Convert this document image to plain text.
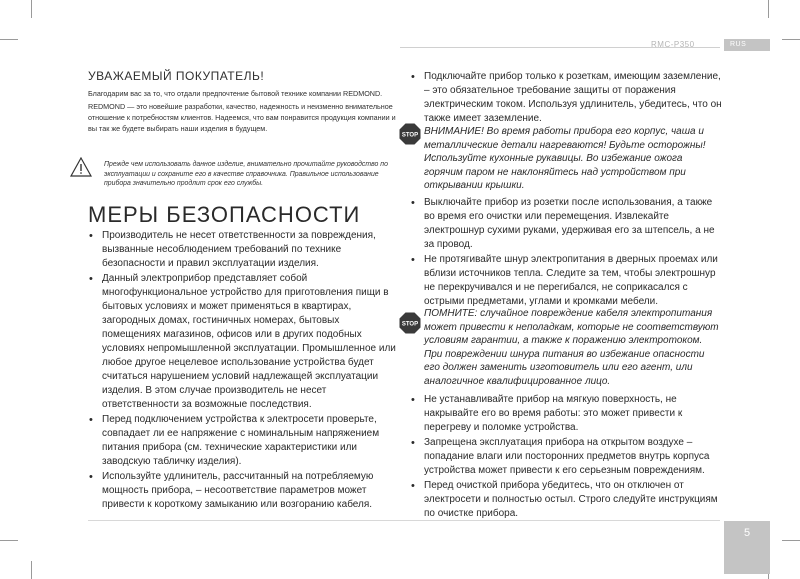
RMC-P350	RUS
УВАЖАЕМЫЙ ПОКУПАТЕЛЬ!
Благодарим вас за то, что отдали предпочтение бытовой технике компании REDMOND.
REDMOND — это новейшие разработки, качество, надежность и неизменно внимательное отношение к потребностям клиентов. Надеемся, что вам понравится продукция компании и вы так же будете выбирать наши изделия в будущем.
Прежде чем использовать данное изделие, внимательно прочитайте руководство по эксплуатации и сохраните его в качестве справочника. Правильное использование прибора значительно продлит срок его службы.
МЕРЫ БЕЗОПАСНОСТИ
• Производитель не несет ответственности за повреждения, вызванные несоблюдением требований по технике безопасности и правил эксплуатации изделия.
• Данный электроприбор представляет собой многофункциональное устройство для приготовления пищи в бытовых условиях и может применяться в квартирах, загородных домах, гостиничных номерах, бытовых помещениях магазинов, офисов или в других подобных условиях непромышленной эксплуатации. Промышленное или любое другое нецелевое использование устройства будет считаться нарушением условий надлежащей эксплуатации изделия. В этом случае производитель не несет ответственности за возможные последствия.
• Перед подключением устройства к электросети проверьте, совпадает ли ее напряжение с номинальным напряжением питания прибора (см. технические характеристики или заводскую табличку изделия).
• Используйте удлинитель, рассчитанный на потребляемую мощность прибора, – несоответствие параметров может привести к короткому замыканию или возгоранию кабеля.
• Подключайте прибор только к розеткам, имеющим заземление, – это обязательное требование защиты от поражения электрическим током. Используя удлинитель, убедитесь, что он также имеет заземление.
STOP ВНИМАНИЕ! Во время работы прибора его корпус, чаша и металлические детали нагреваются! Будьте осторожны! Используйте кухонные рукавицы. Во избежание ожога горячим паром не наклоняйтесь над устройством при открывании крышки.
• Выключайте прибор из розетки после использования, а также во время его очистки или перемещения. Извлекайте электрошнур сухими руками, удерживая его за штепсель, а не за провод.
• Не протягивайте шнур электропитания в дверных проемах или вблизи источников тепла. Следите за тем, чтобы электрошнур не перекручивался и не перегибался, не соприкасался с острыми предметами, углами и кромками мебели.
STOP
ПОМНИТЕ: случайное повреждение кабеля электропитания может привести к неполадкам, которые не соответствуют условиям гарантии, а также к поражению электротоком. При повреждении шнура питания во избежание опасности его должен заменить изготовитель или его агент, или аналогичное квалифицированное лицо.
• Не устанавливайте прибор на мягкую поверхность, не накрывайте его во время работы: это может привести к перегреву и поломке устройства.
• Запрещена эксплуатация прибора на открытом воздухе – попадание влаги или посторонних предметов внутрь корпуса устройства может привести к его серьезным повреждениям.
• Перед очисткой прибора убедитесь, что он отключен от электросети и полностью остыл. Строго следуйте инструкциям по очистке прибора.
5
